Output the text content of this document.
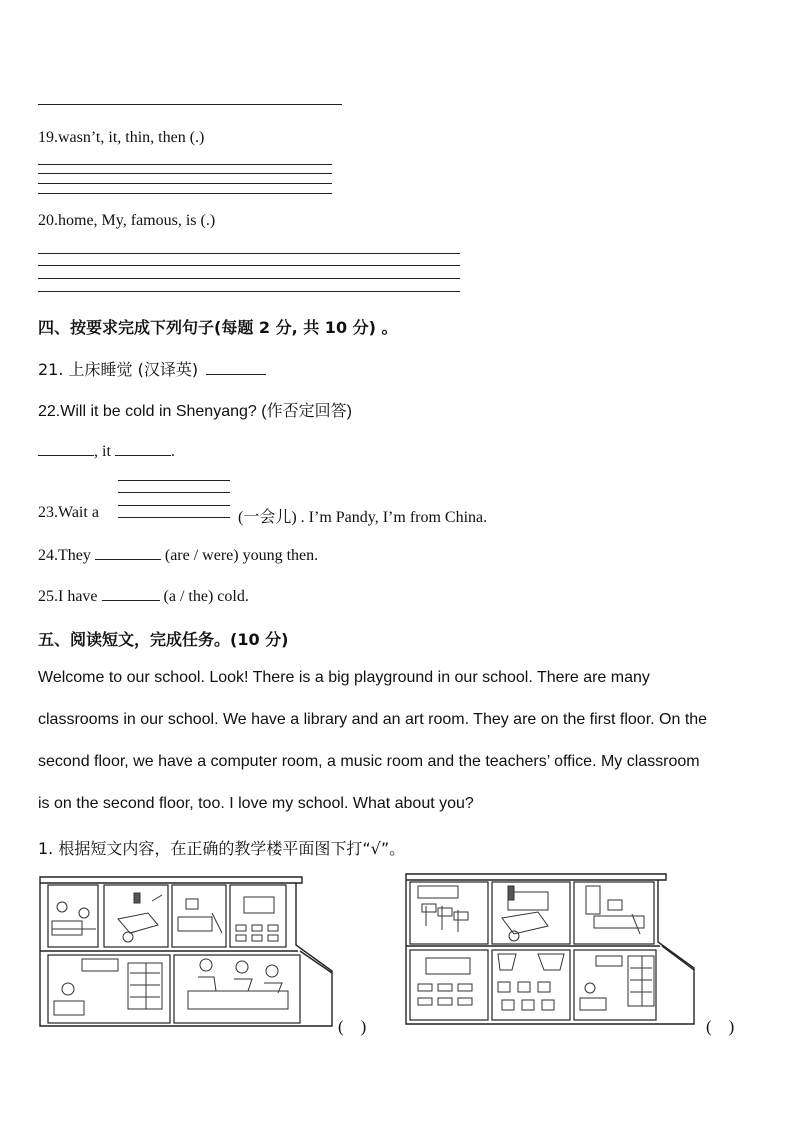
19.wasn’t, it, thin, then (.)
20.home, My, famous, is (.)
四、按要求完成下列句子(每题 2 分, 共 10 分) 。
21. 上床睡觉 (汉译英)
22.Will it be cold in Shenyang? (作否定回答)
, it	.
23.Wait a	(一会儿) . I’m Pandy, I’m from China.
24.They	(are / were) young then.
25.I have	(a / the) cold.
五、阅读短文，完成任务。(10 分)
Welcome to our school. Look! There is a big playground in our school. There are many
classrooms in our school. We have a library and an art room. They are on the first floor. On the
second floor, we have a computer room, a music room and the teachers’ office. My classroom
is on the second floor, too. I love my school. What about you?
1. 根据短文内容，在正确的教学楼平面图下打“√”。
(　)	(　)
